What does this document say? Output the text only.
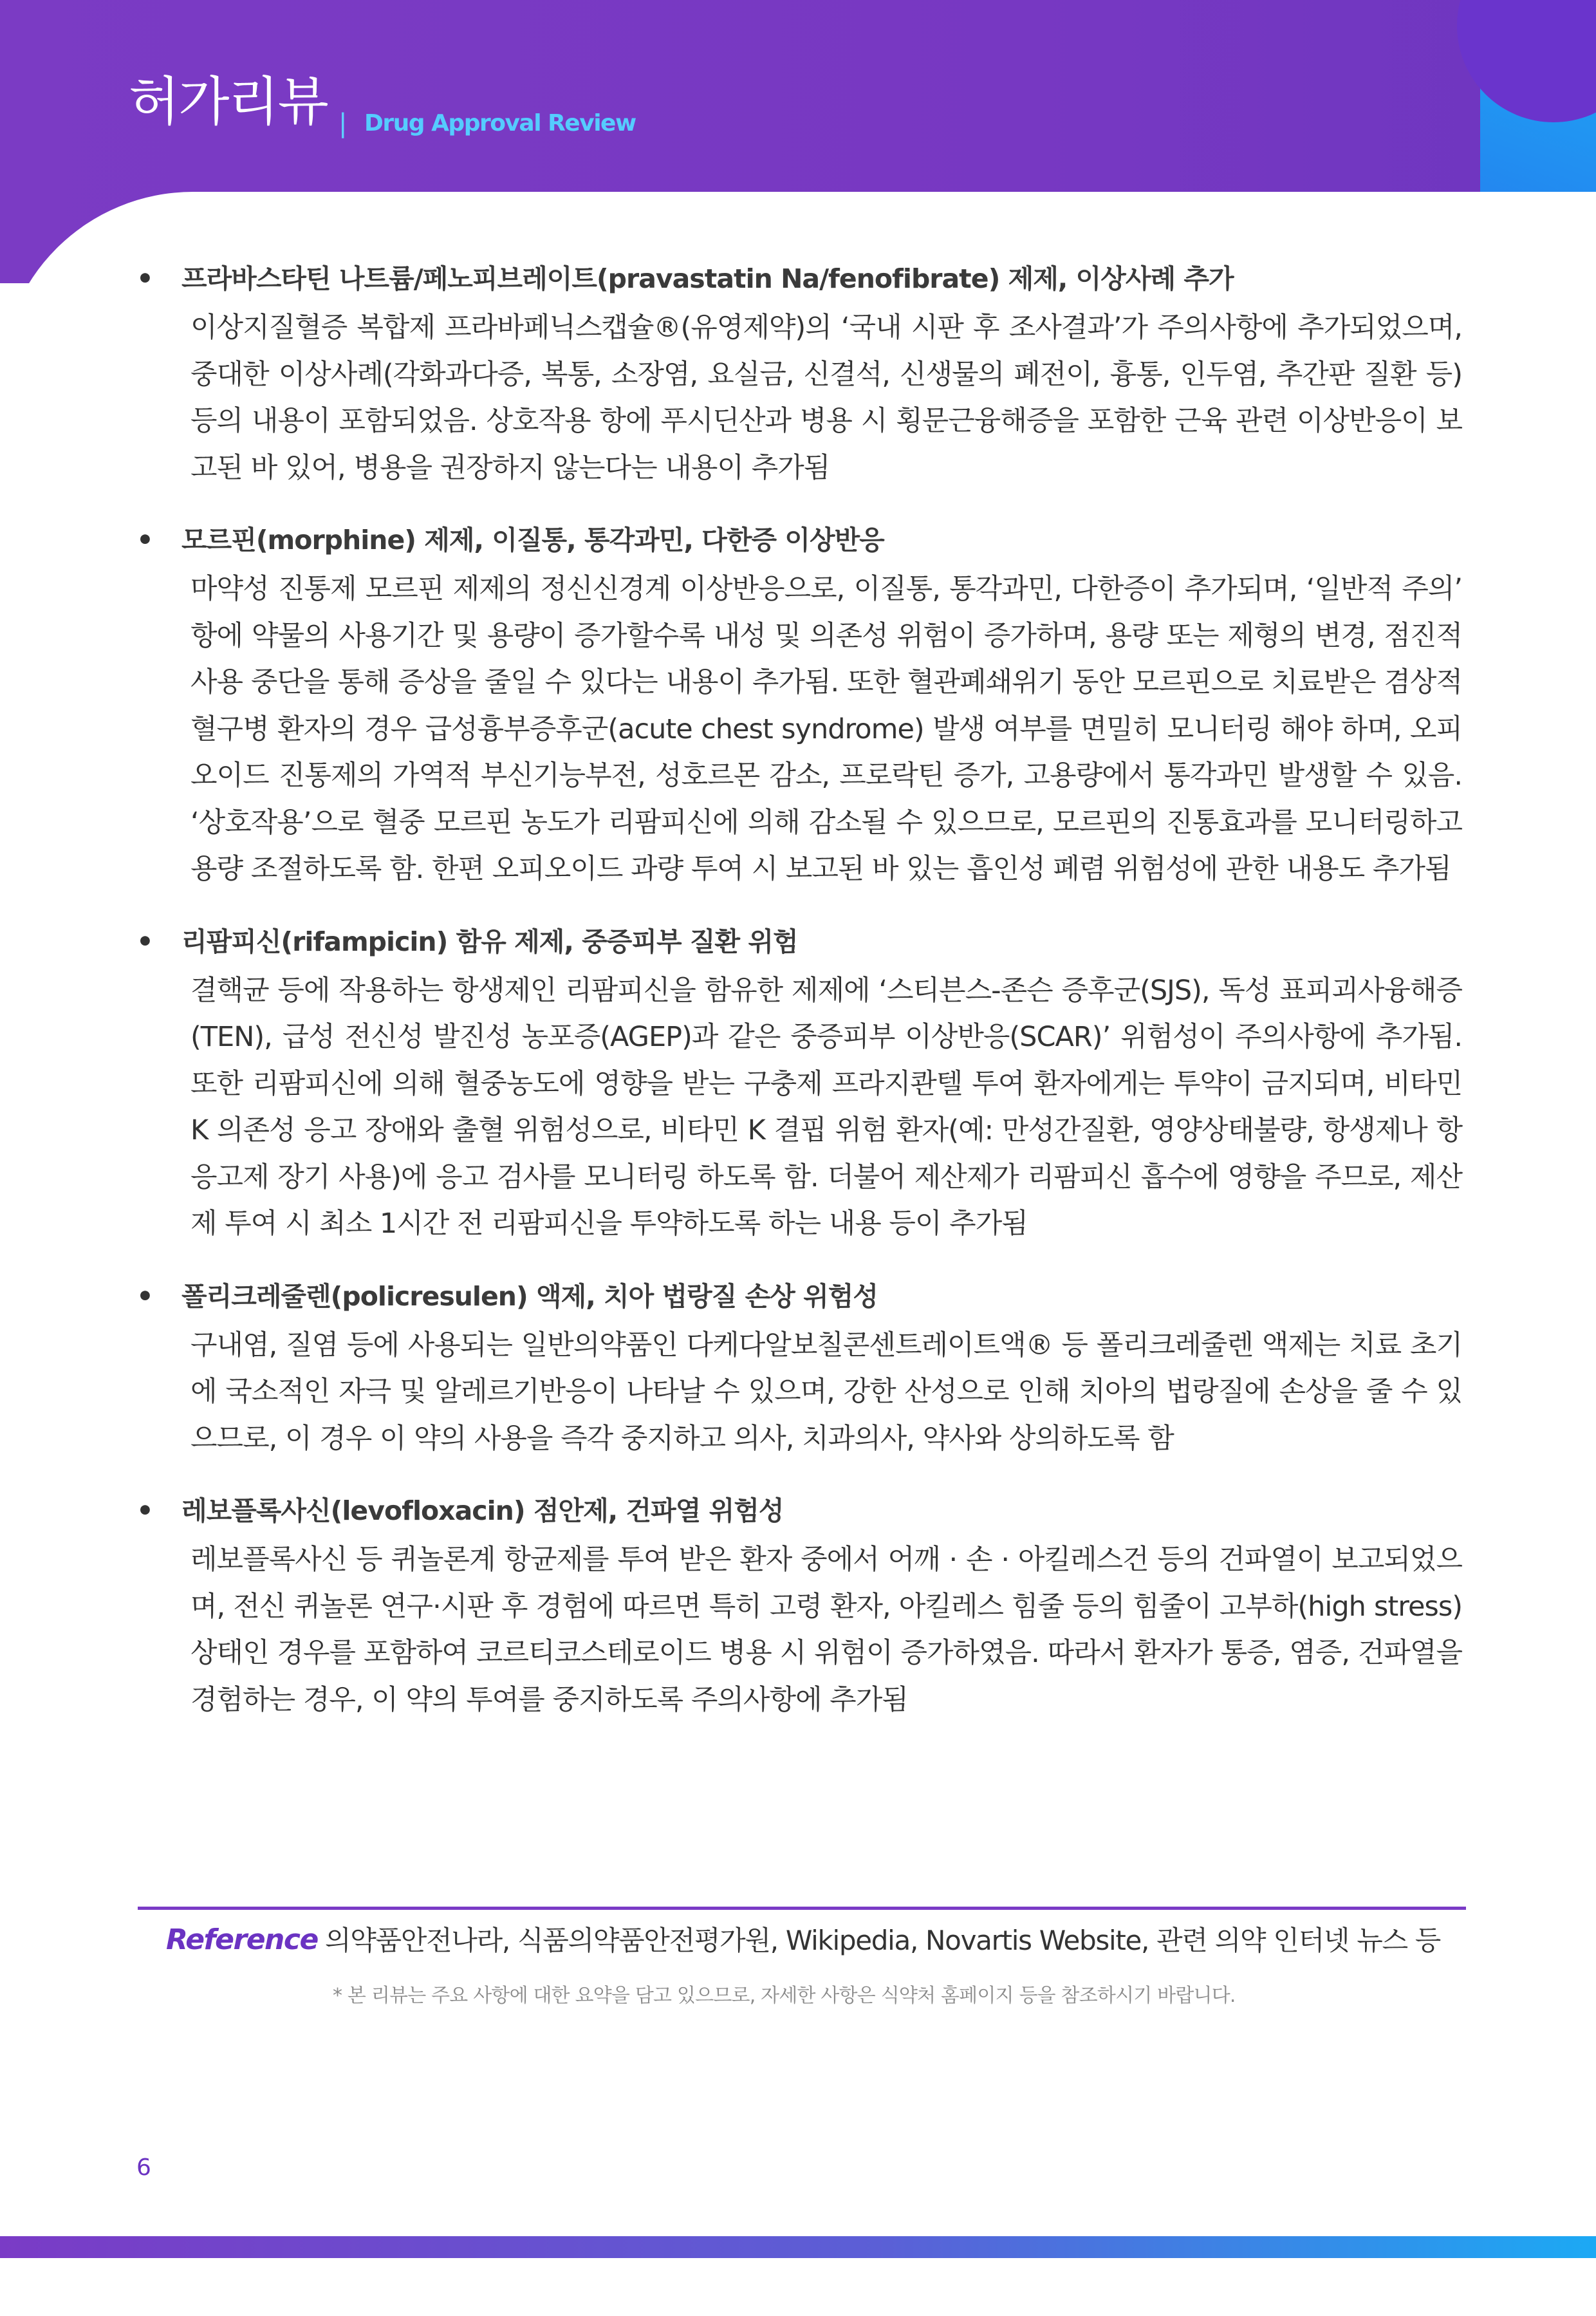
허가리뷰 | Drug Approval Review
• 프라바스타틴 나트륨/페노피브레이트(pravastatin Na/fenofibrate) 제제, 이상사례 추가
이상지질혈증 복합제 프라바페닉스캡슐®(유영제약)의 ‘국내 시판 후 조사결과’가 주의사항에 추가되었으며, 중대한 이상사례(각화과다증, 복통, 소장염, 요실금, 신결석, 신생물의 폐전이, 흉통, 인두염, 추간판 질환 등) 등의 내용이 포함되었음. 상호작용 항에 푸시딘산과 병용 시 횡문근융해증을 포함한 근육 관련 이상반응이 보고된 바 있어, 병용을 권장하지 않는다는 내용이 추가됨
• 모르핀(morphine) 제제, 이질통, 통각과민, 다한증 이상반응
마약성 진통제 모르핀 제제의 정신신경계 이상반응으로, 이질통, 통각과민, 다한증이 추가되며, ‘일반적 주의’ 항에 약물의 사용기간 및 용량이 증가할수록 내성 및 의존성 위험이 증가하며, 용량 또는 제형의 변경, 점진적 사용 중단을 통해 증상을 줄일 수 있다는 내용이 추가됨. 또한 혈관폐쇄위기 동안 모르핀으로 치료받은 겸상적혈구병 환자의 경우 급성흉부증후군(acute chest syndrome) 발생 여부를 면밀히 모니터링 해야 하며, 오피오이드 진통제의 가역적 부신기능부전, 성호르몬 감소, 프로락틴 증가, 고용량에서 통각과민 발생할 수 있음. ‘상호작용’으로 혈중 모르핀 농도가 리팜피신에 의해 감소될 수 있으므로, 모르핀의 진통효과를 모니터링하고 용량 조절하도록 함. 한편 오피오이드 과량 투여 시 보고된 바 있는 흡인성 폐렴 위험성에 관한 내용도 추가됨
• 리팜피신(rifampicin) 함유 제제, 중증피부 질환 위험
결핵균 등에 작용하는 항생제인 리팜피신을 함유한 제제에 ‘스티븐스-존슨 증후군(SJS), 독성 표피괴사융해증(TEN), 급성 전신성 발진성 농포증(AGEP)과 같은 중증피부 이상반응(SCAR)’ 위험성이 주의사항에 추가됨. 또한 리팜피신에 의해 혈중농도에 영향을 받는 구충제 프라지콴텔 투여 환자에게는 투약이 금지되며, 비타민 K 의존성 응고 장애와 출혈 위험성으로, 비타민 K 결핍 위험 환자(예: 만성간질환, 영양상태불량, 항생제나 항응고제 장기 사용)에 응고 검사를 모니터링 하도록 함. 더불어 제산제가 리팜피신 흡수에 영향을 주므로, 제산제 투여 시 최소 1시간 전 리팜피신을 투약하도록 하는 내용 등이 추가됨
• 폴리크레줄렌(policresulen) 액제, 치아 법랑질 손상 위험성
구내염, 질염 등에 사용되는 일반의약품인 다케다알보칠콘센트레이트액® 등 폴리크레줄렌 액제는 치료 초기에 국소적인 자극 및 알레르기반응이 나타날 수 있으며, 강한 산성으로 인해 치아의 법랑질에 손상을 줄 수 있으므로, 이 경우 이 약의 사용을 즉각 중지하고 의사, 치과의사, 약사와 상의하도록 함
• 레보플록사신(levofloxacin) 점안제, 건파열 위험성
레보플록사신 등 퀴놀론계 항균제를 투여 받은 환자 중에서 어깨 · 손 · 아킬레스건 등의 건파열이 보고되었으며, 전신 퀴놀론 연구·시판 후 경험에 따르면 특히 고령 환자, 아킬레스 힘줄 등의 힘줄이 고부하(high stress) 상태인 경우를 포함하여 코르티코스테로이드 병용 시 위험이 증가하였음. 따라서 환자가 통증, 염증, 건파열을 경험하는 경우, 이 약의 투여를 중지하도록 주의사항에 추가됨
Reference 의약품안전나라, 식품의약품안전평가원, Wikipedia, Novartis Website, 관련 의약 인터넷 뉴스 등
* 본 리뷰는 주요 사항에 대한 요약을 담고 있으므로, 자세한 사항은 식약처 홈페이지 등을 참조하시기 바랍니다.
6
